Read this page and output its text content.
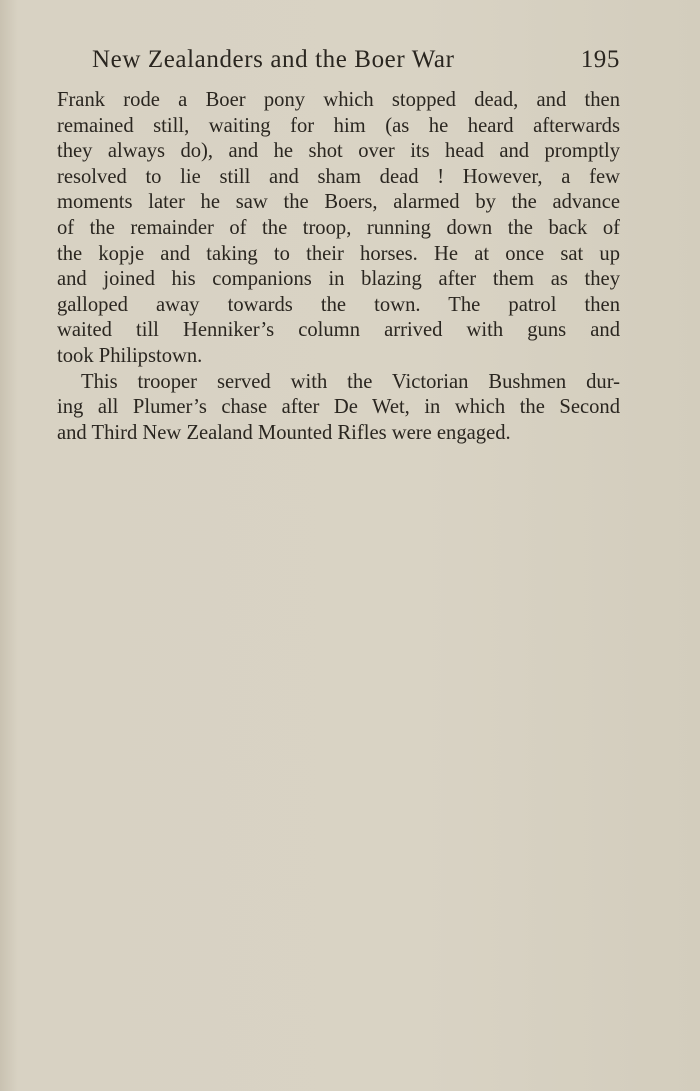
New Zealanders and the Boer War	195
Frank rode a Boer pony which stopped dead, and then
remained still, waiting for him (as he heard afterwards
they always do), and he shot over its head and promptly
resolved to lie still and sham dead ! However, a few
moments later he saw the Boers, alarmed by the advance
of the remainder of the troop, running down the back of
the kopje and taking to their horses. He at once sat up
and joined his companions in blazing after them as they
galloped away towards the town. The patrol then
waited till Henniker’s column arrived with guns and
took Philipstown.
This trooper served with the Victorian Bushmen dur-
ing all Plumer’s chase after De Wet, in which the Second
and Third New Zealand Mounted Rifles were engaged.
